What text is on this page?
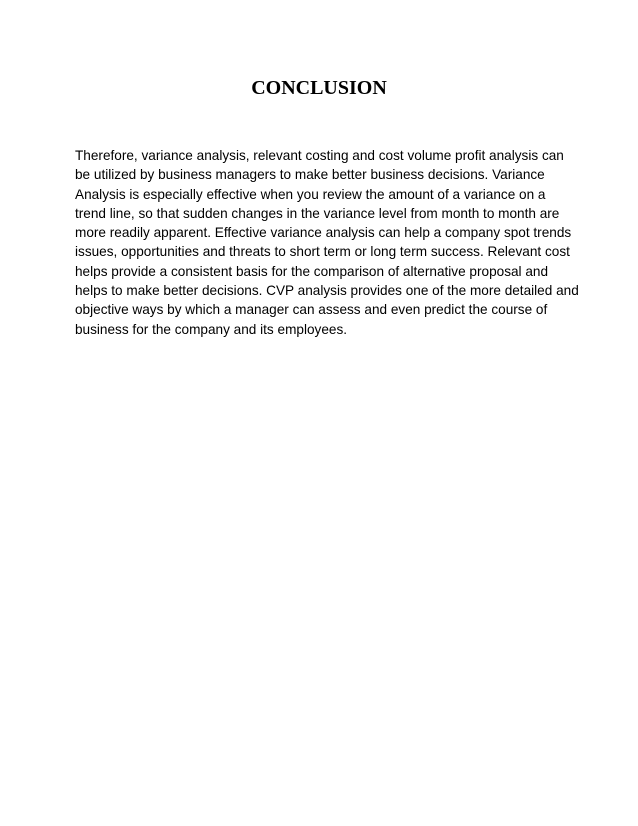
CONCLUSION
Therefore, variance analysis, relevant costing and cost volume profit analysis can
be utilized by business managers to make better business decisions. Variance
Analysis is especially effective when you review the amount of a variance on a
trend line, so that sudden changes in the variance level from month to month are
more readily apparent. Effective variance analysis can help a company spot trends
issues, opportunities and threats to short term or long term success. Relevant cost
helps provide a consistent basis for the comparison of alternative proposal and
helps to make better decisions. CVP analysis provides one of the more detailed and
objective ways by which a manager can assess and even predict the course of
business for the company and its employees.
